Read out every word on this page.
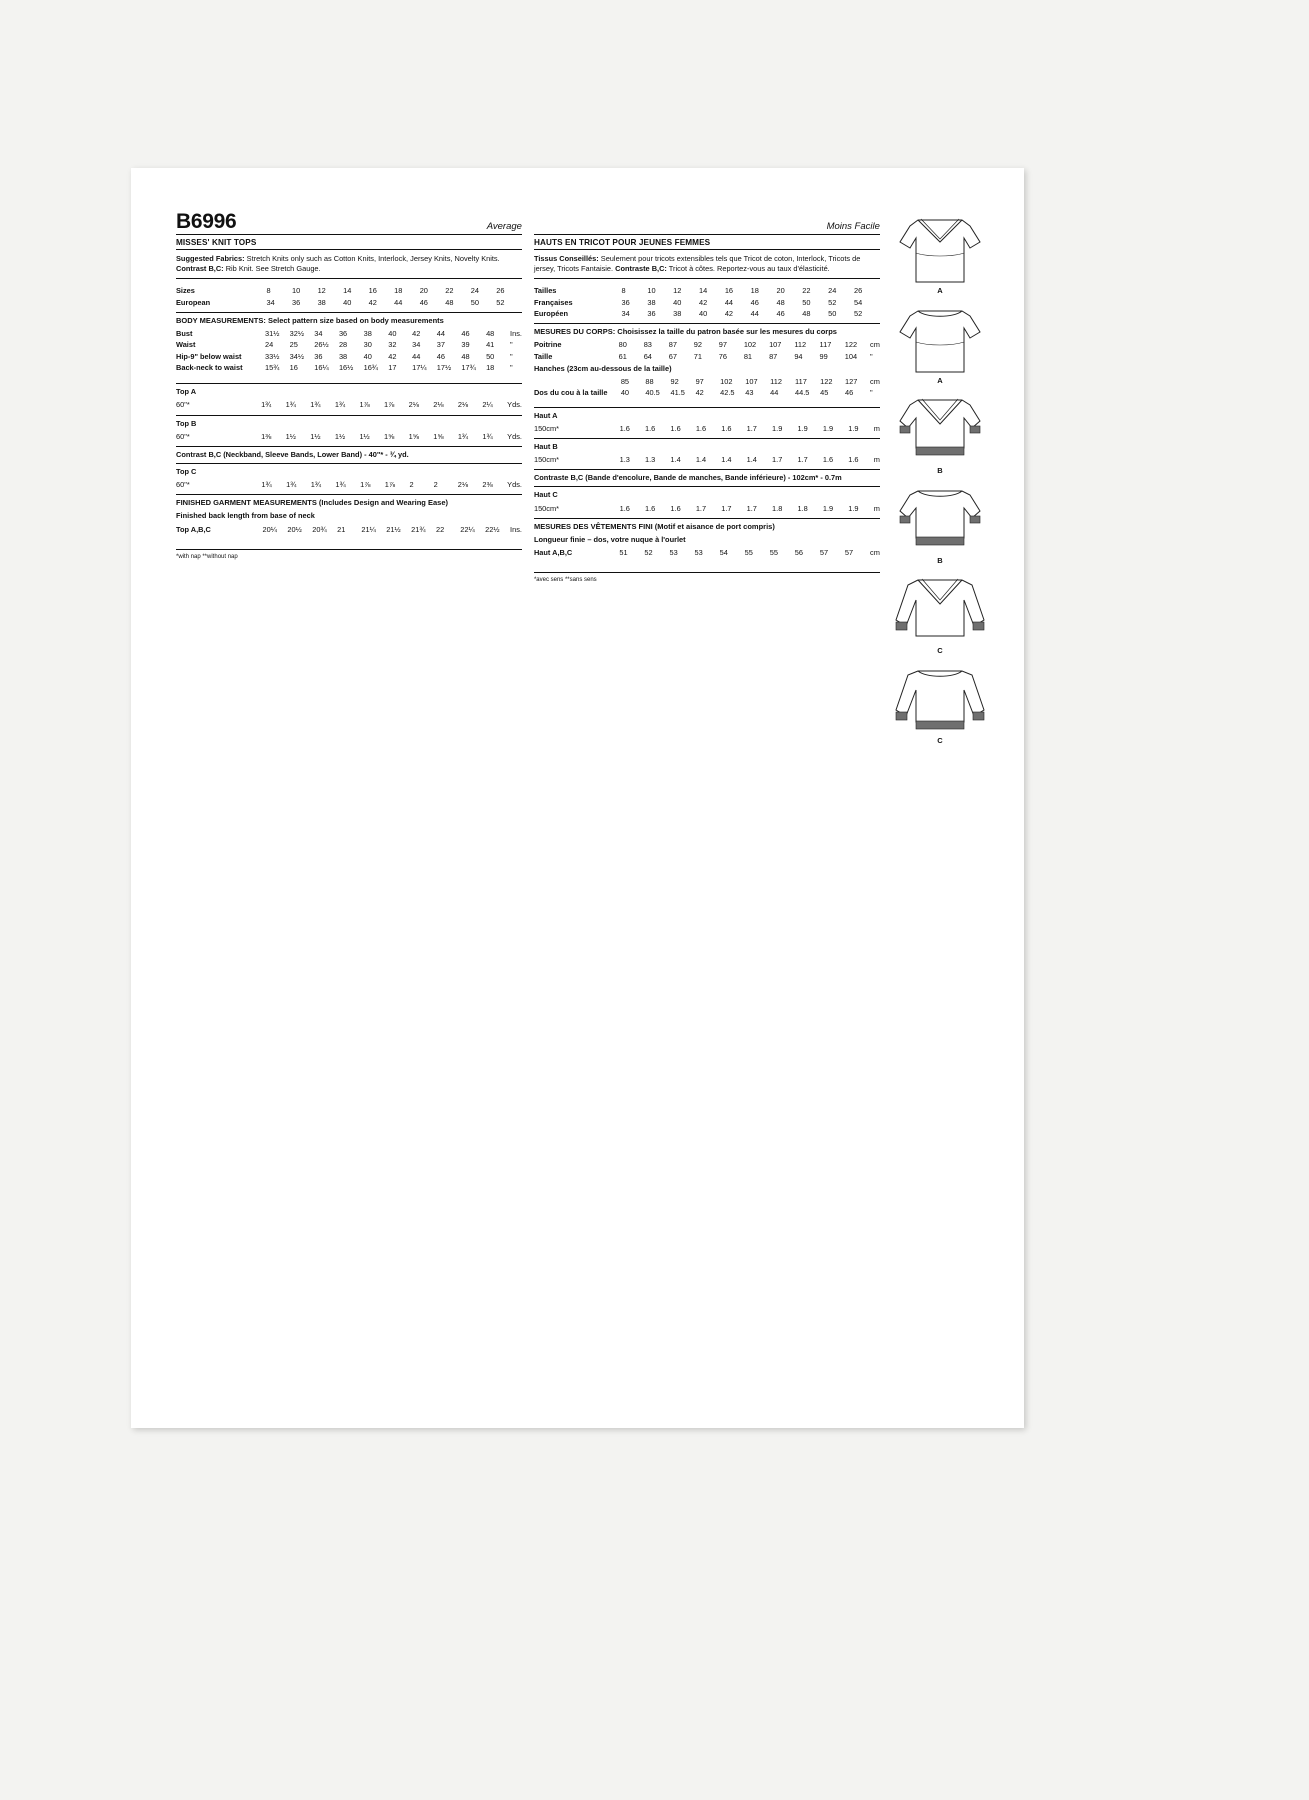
B6996	Average
MISSES' KNIT TOPS
Suggested Fabrics: Stretch Knits only such as Cotton Knits, Interlock, Jersey Knits, Novelty Knits.
Contrast B,C: Rib Knit. See Stretch Gauge.
Sizes	8	10	12	14	16	18	20	22	24	26	
European	34	36	38	40	42	44	46	48	50	52	
BODY MEASUREMENTS: Select pattern size based on body measurements
Bust	31½	32½	34	36	38	40	42	44	46	48	Ins.
Waist	24	25	26½	28	30	32	34	37	39	41	"
Hip-9" below waist	33½	34½	36	38	40	42	44	46	48	50	"
Back-neck to waist	15¾	16	16¼	16½	16¾	17	17¼	17½	17¾	18	"
Top A
60"*	1¾	1¾	1¾	1¾	1⅞	1⅞	2⅛	2⅛	2⅛	2¼	Yds.
Top B
60"*	1⅜	1½	1½	1½	1½	1⅝	1⅝	1⅝	1¾	1¾	Yds.
Contrast B,C (Neckband, Sleeve Bands, Lower Band) - 40"* - ¾ yd.
Top C
60"*	1¾	1¾	1¾	1¾	1⅞	1⅞	2	2	2⅛	2⅜	Yds.
FINISHED GARMENT MEASUREMENTS (Includes Design and Wearing Ease)
Finished back length from base of neck
Top A,B,C	20¼	20½	20¾	21	21¼	21½	21¾	22	22¼	22½	Ins.
*with nap **without nap
Moins Facile
HAUTS EN TRICOT POUR JEUNES FEMMES
Tissus Conseillés: Seulement pour tricots extensibles tels que Tricot de coton, Interlock, Tricots de jersey, Tricots Fantaisie. Contraste B,C: Tricot à côtes. Reportez-vous au taux d'élasticité.
Tailles	8	10	12	14	16	18	20	22	24	26	
Françaises	36	38	40	42	44	46	48	50	52	54	
Européen	34	36	38	40	42	44	46	48	50	52	
MESURES DU CORPS: Choisissez la taille du patron basée sur les mesures du corps
Poitrine	80	83	87	92	97	102	107	112	117	122	cm
Taille	61	64	67	71	76	81	87	94	99	104	"
Hanches (23cm au-dessous de la taille)
	85	88	92	97	102	107	112	117	122	127	cm
Dos du cou à la taille	40	40.5	41.5	42	42.5	43	44	44.5	45	46	"
Haut A
150cm*	1.6	1.6	1.6	1.6	1.6	1.7	1.9	1.9	1.9	1.9	m
Haut B
150cm*	1.3	1.3	1.4	1.4	1.4	1.4	1.7	1.7	1.6	1.6	m
Contraste B,C (Bande d'encolure, Bande de manches, Bande inférieure) - 102cm* - 0.7m
Haut C
150cm*	1.6	1.6	1.6	1.7	1.7	1.7	1.8	1.8	1.9	1.9	m
MESURES DES VÊTEMENTS FINI (Motif et aisance de port compris)
Longueur finie – dos, votre nuque à l'ourlet
Haut A,B,C	51	52	53	53	54	55	55	56	57	57	cm
*avec sens **sans sens
A
A
B
B
C
C
